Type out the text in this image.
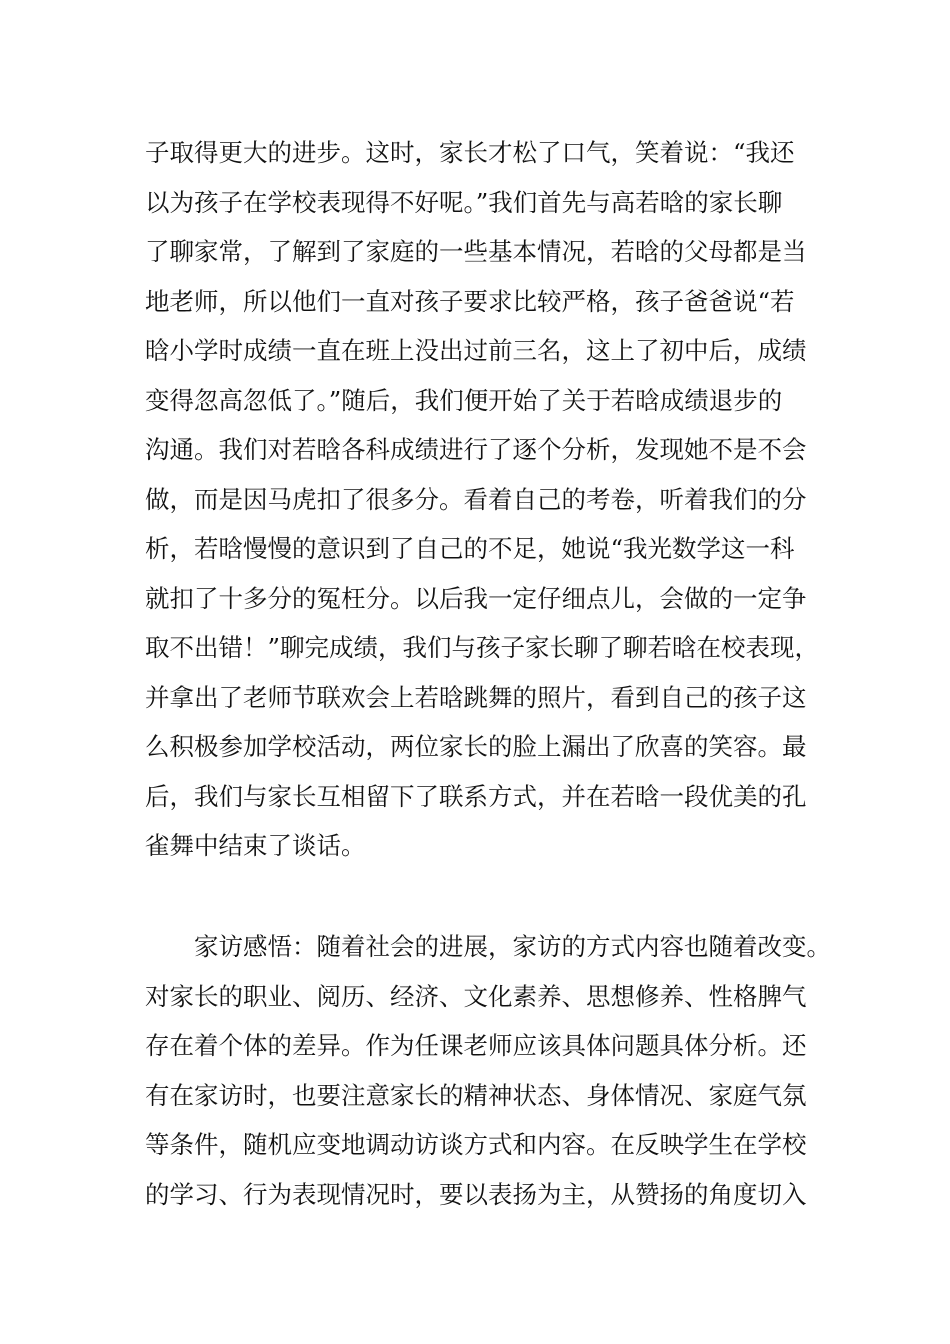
子取得更大的进步。这时，家长才松了口气，笑着说：“我还
以为孩子在学校表现得不好呢。”我们首先与高若晗的家长聊
了聊家常，了解到了家庭的一些基本情况，若晗的父母都是当
地老师，所以他们一直对孩子要求比较严格，孩子爸爸说“若
晗小学时成绩一直在班上没出过前三名，这上了初中后，成绩
变得忽高忽低了。”随后，我们便开始了关于若晗成绩退步的
沟通。我们对若晗各科成绩进行了逐个分析，发现她不是不会
做，而是因马虎扣了很多分。看着自己的考卷，听着我们的分
析，若晗慢慢的意识到了自己的不足，她说“我光数学这一科
就扣了十多分的冤枉分。以后我一定仔细点儿，会做的一定争
取不出错！”聊完成绩，我们与孩子家长聊了聊若晗在校表现，
并拿出了老师节联欢会上若晗跳舞的照片，看到自己的孩子这
么积极参加学校活动，两位家长的脸上漏出了欣喜的笑容。最
后，我们与家长互相留下了联系方式，并在若晗一段优美的孔
雀舞中结束了谈话。
家访感悟：随着社会的进展，家访的方式内容也随着改变。
对家长的职业、阅历、经济、文化素养、思想修养、性格脾气
存在着个体的差异。作为任课老师应该具体问题具体分析。还
有在家访时，也要注意家长的精神状态、身体情况、家庭气氛
等条件，随机应变地调动访谈方式和内容。在反映学生在学校
的学习、行为表现情况时，要以表扬为主，从赞扬的角度切入
